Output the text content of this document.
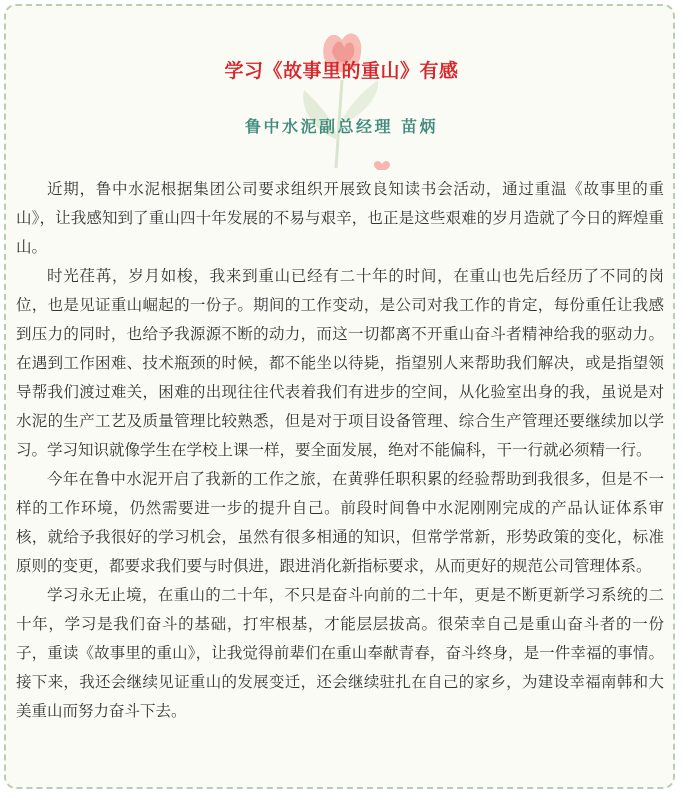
学习《故事里的重山》有感
鲁中水泥副总经理 苗炳

近期，鲁中水泥根据集团公司要求组织开展致良知读书会活动，通过重温《故事里的重山》，让我感知到了重山四十年发展的不易与艰辛，也正是这些艰难的岁月造就了今日的辉煌重山。

时光荏苒，岁月如梭，我来到重山已经有二十年的时间，在重山也先后经历了不同的岗位，也是见证重山崛起的一份子。期间的工作变动，是公司对我工作的肯定，每份重任让我感到压力的同时，也给予我源源不断的动力，而这一切都离不开重山奋斗者精神给我的驱动力。在遇到工作困难、技术瓶颈的时候，都不能坐以待毙，指望别人来帮助我们解决，或是指望领导帮我们渡过难关，困难的出现往往代表着我们有进步的空间，从化验室出身的我，虽说是对水泥的生产工艺及质量管理比较熟悉，但是对于项目设备管理、综合生产管理还要继续加以学习。学习知识就像学生在学校上课一样，要全面发展，绝对不能偏科，干一行就必须精一行。

今年在鲁中水泥开启了我新的工作之旅，在黄骅任职积累的经验帮助到我很多，但是不一样的工作环境，仍然需要进一步的提升自己。前段时间鲁中水泥刚刚完成的产品认证体系审核，就给予我很好的学习机会，虽然有很多相通的知识，但常学常新，形势政策的变化，标准原则的变更，都要求我们要与时俱进，跟进消化新指标要求，从而更好的规范公司管理体系。

学习永无止境，在重山的二十年，不只是奋斗向前的二十年，更是不断更新学习系统的二十年，学习是我们奋斗的基础，打牢根基，才能层层拔高。很荣幸自己是重山奋斗者的一份子，重读《故事里的重山》，让我觉得前辈们在重山奉献青春，奋斗终身，是一件幸福的事情。接下来，我还会继续见证重山的发展变迁，还会继续驻扎在自己的家乡，为建设幸福南韩和大美重山而努力奋斗下去。
